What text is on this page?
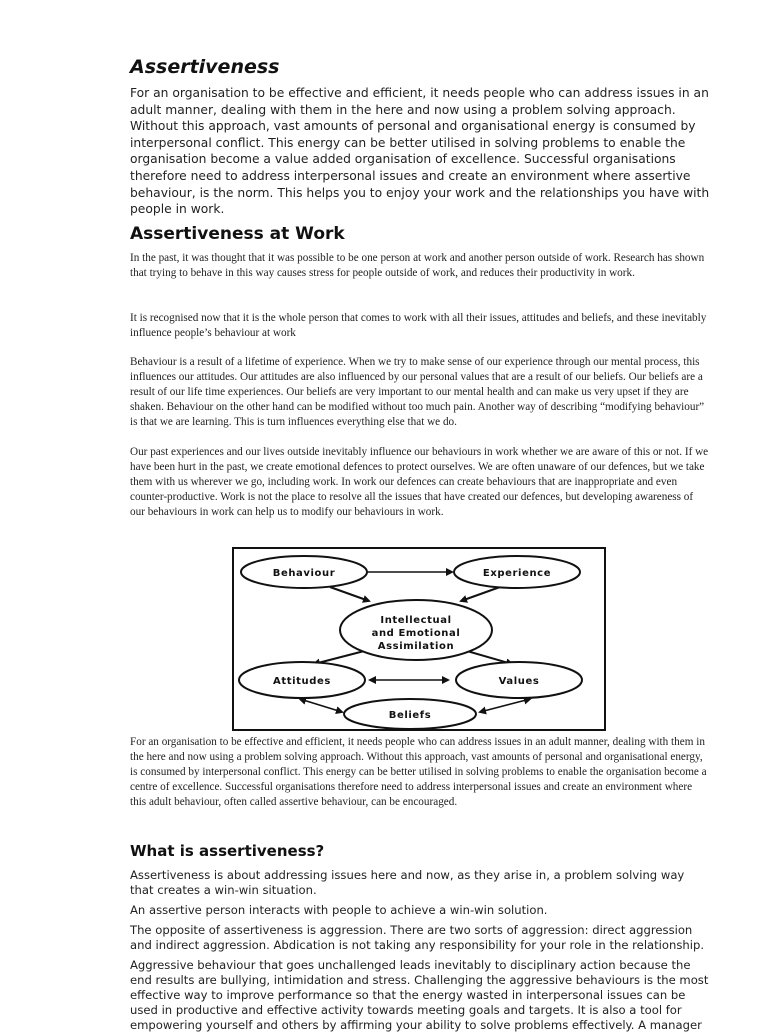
Assertiveness

For an organisation to be effective and efficient, it needs people who can address issues in an adult manner, dealing with them in the here and now using a problem solving approach. Without this approach, vast amounts of personal and organisational energy is consumed by interpersonal conflict. This energy can be better utilised in solving problems to enable the organisation become a value added organisation of excellence. Successful organisations therefore need to address interpersonal issues and create an environment where assertive behaviour, is the norm. This helps you to enjoy your work and the relationships you have with people in work.

Assertiveness at Work

In the past, it was thought that it was possible to be one person at work and another person outside of work. Research has shown that trying to behave in this way causes stress for people outside of work, and reduces their productivity in work.

It is recognised now that it is the whole person that comes to work with all their issues, attitudes and beliefs, and these inevitably influence people’s behaviour at work

Behaviour is a result of a lifetime of experience. When we try to make sense of our experience through our mental process, this influences our attitudes. Our attitudes are also influenced by our personal values that are a result of our beliefs. Our beliefs are a result of our life time experiences. Our beliefs are very important to our mental health and can make us very upset if they are shaken. Behaviour on the other hand can be modified without too much pain. Another way of describing “modifying behaviour” is that we are learning. This is turn influences everything else that we do.

Our past experiences and our lives outside inevitably influence our behaviours in work whether we are aware of this or not. If we have been hurt in the past, we create emotional defences to protect ourselves. We are often unaware of our defences, but we take them with us wherever we go, including work. In work our defences can create behaviours that are inappropriate and even counter-productive. Work is not the place to resolve all the issues that have created our defences, but developing awareness of our behaviours in work can help us to modify our behaviours in work.

Behaviour	Experience
Intellectual
and Emotional
Assimilation
Attitudes	Values
Beliefs

For an organisation to be effective and efficient, it needs people who can address issues in an adult manner, dealing with them in the here and now using a problem solving approach. Without this approach, vast amounts of personal and organisational energy, is consumed by interpersonal conflict. This energy can be better utilised in solving problems to enable the organisation become a centre of excellence. Successful organisations therefore need to address interpersonal issues and create an environment where this adult behaviour, often called assertive behaviour, can be encouraged.

What is assertiveness?

Assertiveness is about addressing issues here and now, as they arise in, a problem solving way that creates a win-win situation.

An assertive person interacts with people to achieve a win-win solution.

The opposite of assertiveness is aggression. There are two sorts of aggression: direct aggression and indirect aggression. Abdication is not taking any responsibility for your role in the relationship.

Aggressive behaviour that goes unchallenged leads inevitably to disciplinary action because the end results are bullying, intimidation and stress. Challenging the aggressive behaviours is the most effective way to improve performance so that the energy wasted in interpersonal issues can be used in productive and effective activity towards meeting goals and targets. It is also a tool for empowering yourself and others by affirming your ability to solve problems effectively. A manager
